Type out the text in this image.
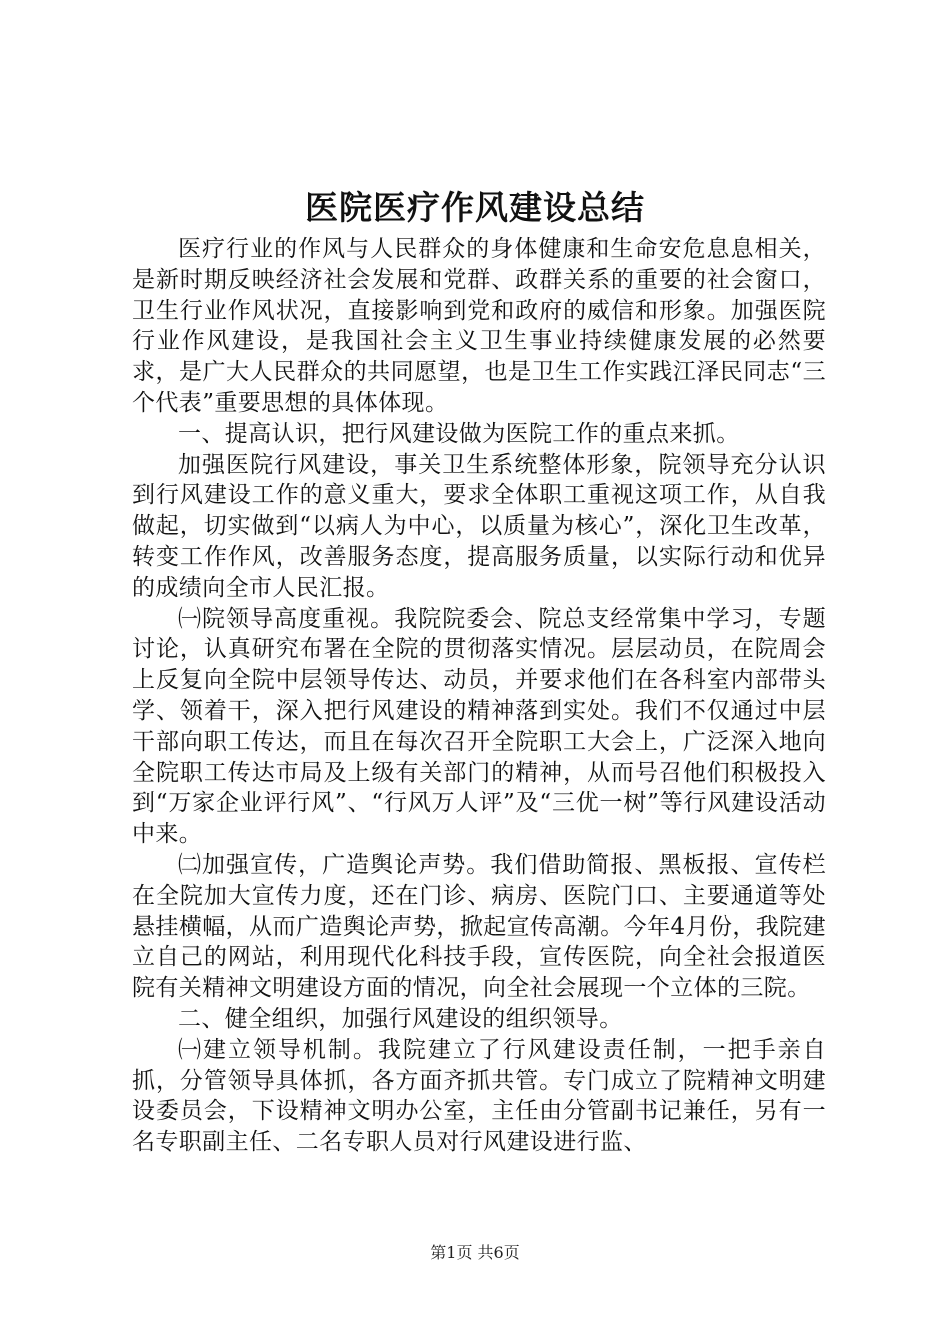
医院医疗作风建设总结

医疗行业的作风与人民群众的身体健康和生命安危息息相关，是新时期反映经济社会发展和党群、政群关系的重要的社会窗口，卫生行业作风状况，直接影响到党和政府的威信和形象。加强医院行业作风建设，是我国社会主义卫生事业持续健康发展的必然要求，是广大人民群众的共同愿望，也是卫生工作实践江泽民同志“三个代表”重要思想的具体体现。

一、提高认识，把行风建设做为医院工作的重点来抓。

加强医院行风建设，事关卫生系统整体形象，院领导充分认识到行风建设工作的意义重大，要求全体职工重视这项工作，从自我做起，切实做到“以病人为中心，以质量为核心”，深化卫生改革，转变工作作风，改善服务态度，提高服务质量，以实际行动和优异的成绩向全市人民汇报。

㈠院领导高度重视。我院院委会、院总支经常集中学习，专题讨论，认真研究布署在全院的贯彻落实情况。层层动员，在院周会上反复向全院中层领导传达、动员，并要求他们在各科室内部带头学、领着干，深入把行风建设的精神落到实处。我们不仅通过中层干部向职工传达，而且在每次召开全院职工大会上，广泛深入地向全院职工传达市局及上级有关部门的精神，从而号召他们积极投入到“万家企业评行风”、“行风万人评”及“三优一树”等行风建设活动中来。

㈡加强宣传，广造舆论声势。我们借助简报、黑板报、宣传栏在全院加大宣传力度，还在门诊、病房、医院门口、主要通道等处悬挂横幅，从而广造舆论声势，掀起宣传高潮。今年4月份，我院建立自己的网站，利用现代化科技手段，宣传医院，向全社会报道医院有关精神文明建设方面的情况，向全社会展现一个立体的三院。

二、健全组织，加强行风建设的组织领导。

㈠建立领导机制。我院建立了行风建设责任制，一把手亲自抓，分管领导具体抓，各方面齐抓共管。专门成立了院精神文明建设委员会，下设精神文明办公室，主任由分管副书记兼任，另有一名专职副主任、二名专职人员对行风建设进行监、

第1页 共6页
